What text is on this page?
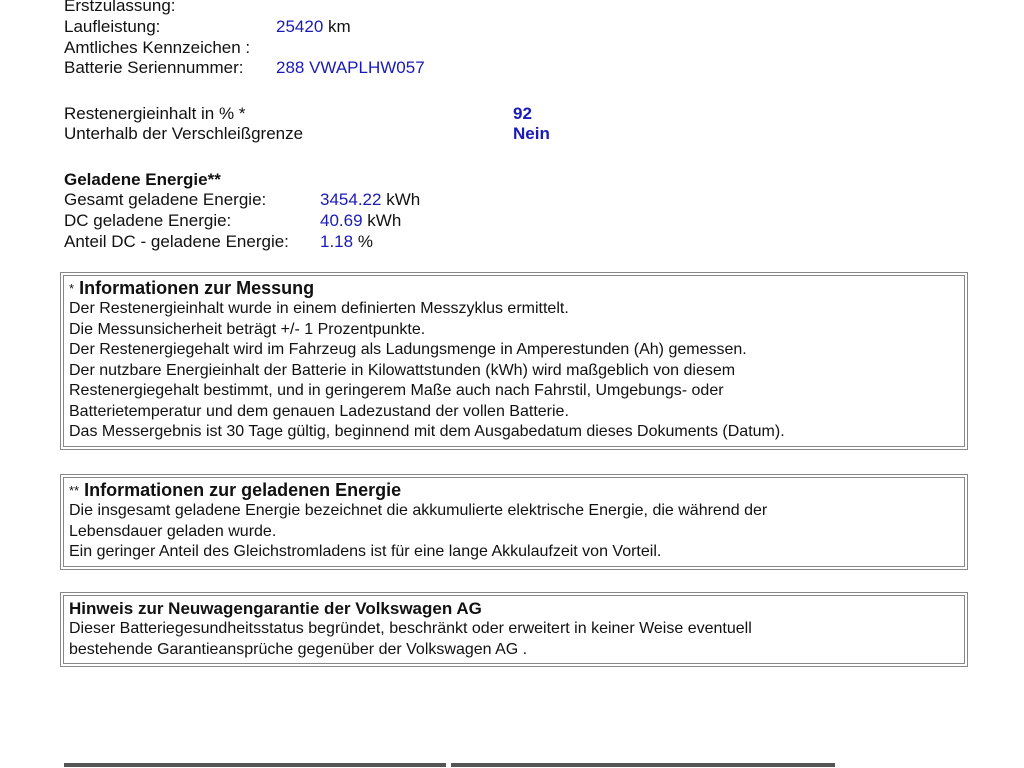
Erstzulassung:
Laufleistung:	25420 km
Amtliches Kennzeichen :
Batterie Seriennummer: 288 VWAPLHW057
Restenergieinhalt in % *	92
Unterhalb der Verschleißgrenze	Nein
Geladene Energie**
Gesamt geladene Energie:	3454.22 kWh
DC geladene Energie:	40.69 kWh
Anteil DC - geladene Energie: 1.18 %
* Informationen zur Messung
Der Restenergieinhalt wurde in einem definierten Messzyklus ermittelt.
Die Messunsicherheit beträgt +/- 1 Prozentpunkte.
Der Restenergiegehalt wird im Fahrzeug als Ladungsmenge in Amperestunden (Ah) gemessen.
Der nutzbare Energieinhalt der Batterie in Kilowattstunden (kWh) wird maßgeblich von diesem
Restenergiegehalt bestimmt, und in geringerem Maße auch nach Fahrstil, Umgebungs- oder
Batterietemperatur und dem genauen Ladezustand der vollen Batterie.
Das Messergebnis ist 30 Tage gültig, beginnend mit dem Ausgabedatum dieses Dokuments (Datum).
** Informationen zur geladenen Energie
Die insgesamt geladene Energie bezeichnet die akkumulierte elektrische Energie, die während der
Lebensdauer geladen wurde.
Ein geringer Anteil des Gleichstromladens ist für eine lange Akkulaufzeit von Vorteil.
Hinweis zur Neuwagengarantie der Volkswagen AG
Dieser Batteriegesundheitsstatus begründet, beschränkt oder erweitert in keiner Weise eventuell
bestehende Garantieansprüche gegenüber der Volkswagen AG .
